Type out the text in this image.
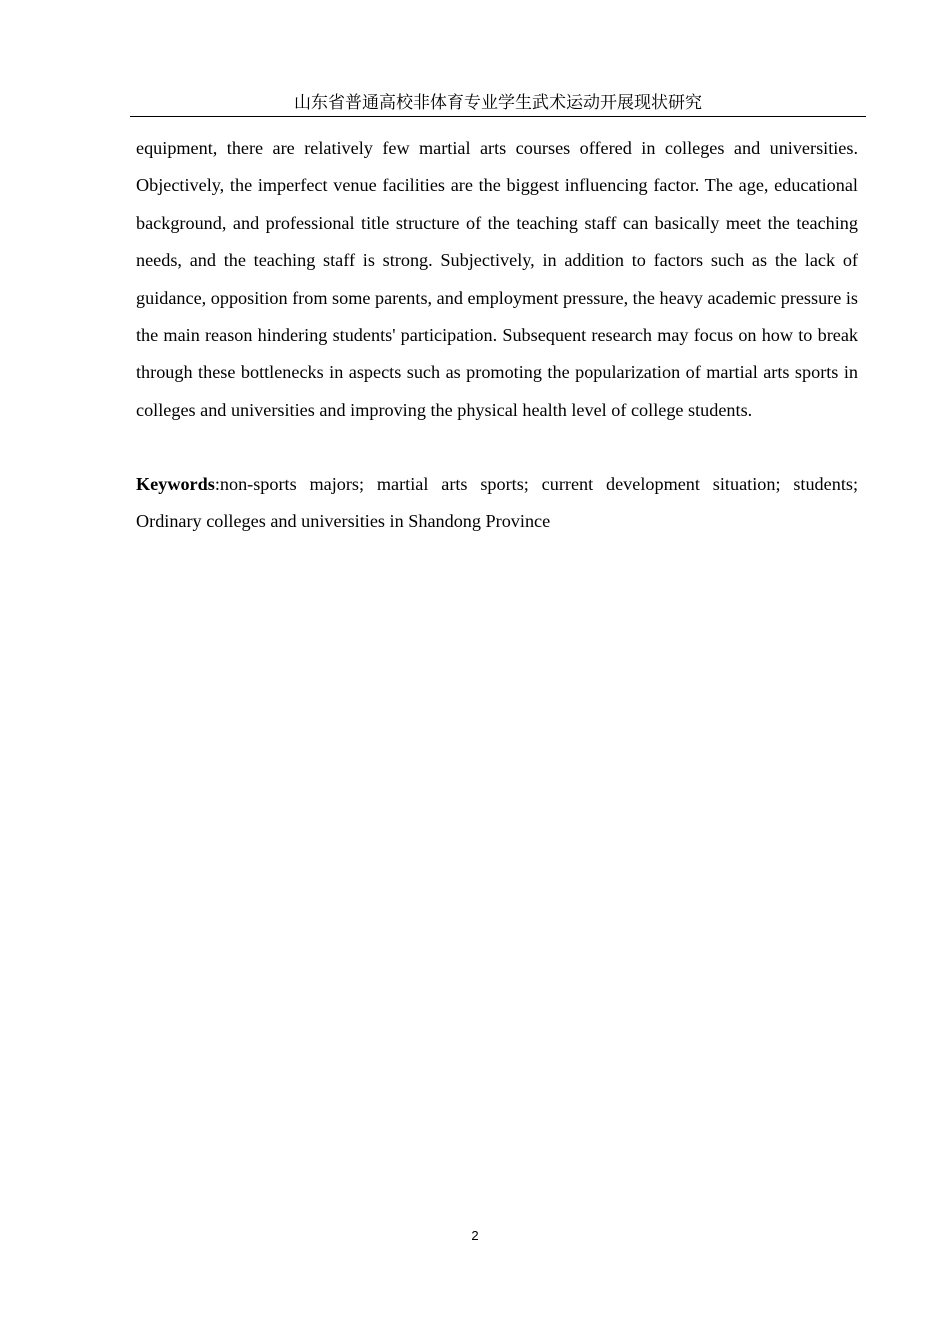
山东省普通高校非体育专业学生武术运动开展现状研究

equipment, there are relatively few martial arts courses offered in colleges and universities. Objectively, the imperfect venue facilities are the biggest influencing factor. The age, educational background, and professional title structure of the teaching staff can basically meet the teaching needs, and the teaching staff is strong. Subjectively, in addition to factors such as the lack of guidance, opposition from some parents, and employment pressure, the heavy academic pressure is the main reason hindering students' participation. Subsequent research may focus on how to break through these bottlenecks in aspects such as promoting the popularization of martial arts sports in colleges and universities and improving the physical health level of college students.

Keywords:non-sports majors; martial arts sports; current development situation; students; Ordinary colleges and universities in Shandong Province

2
